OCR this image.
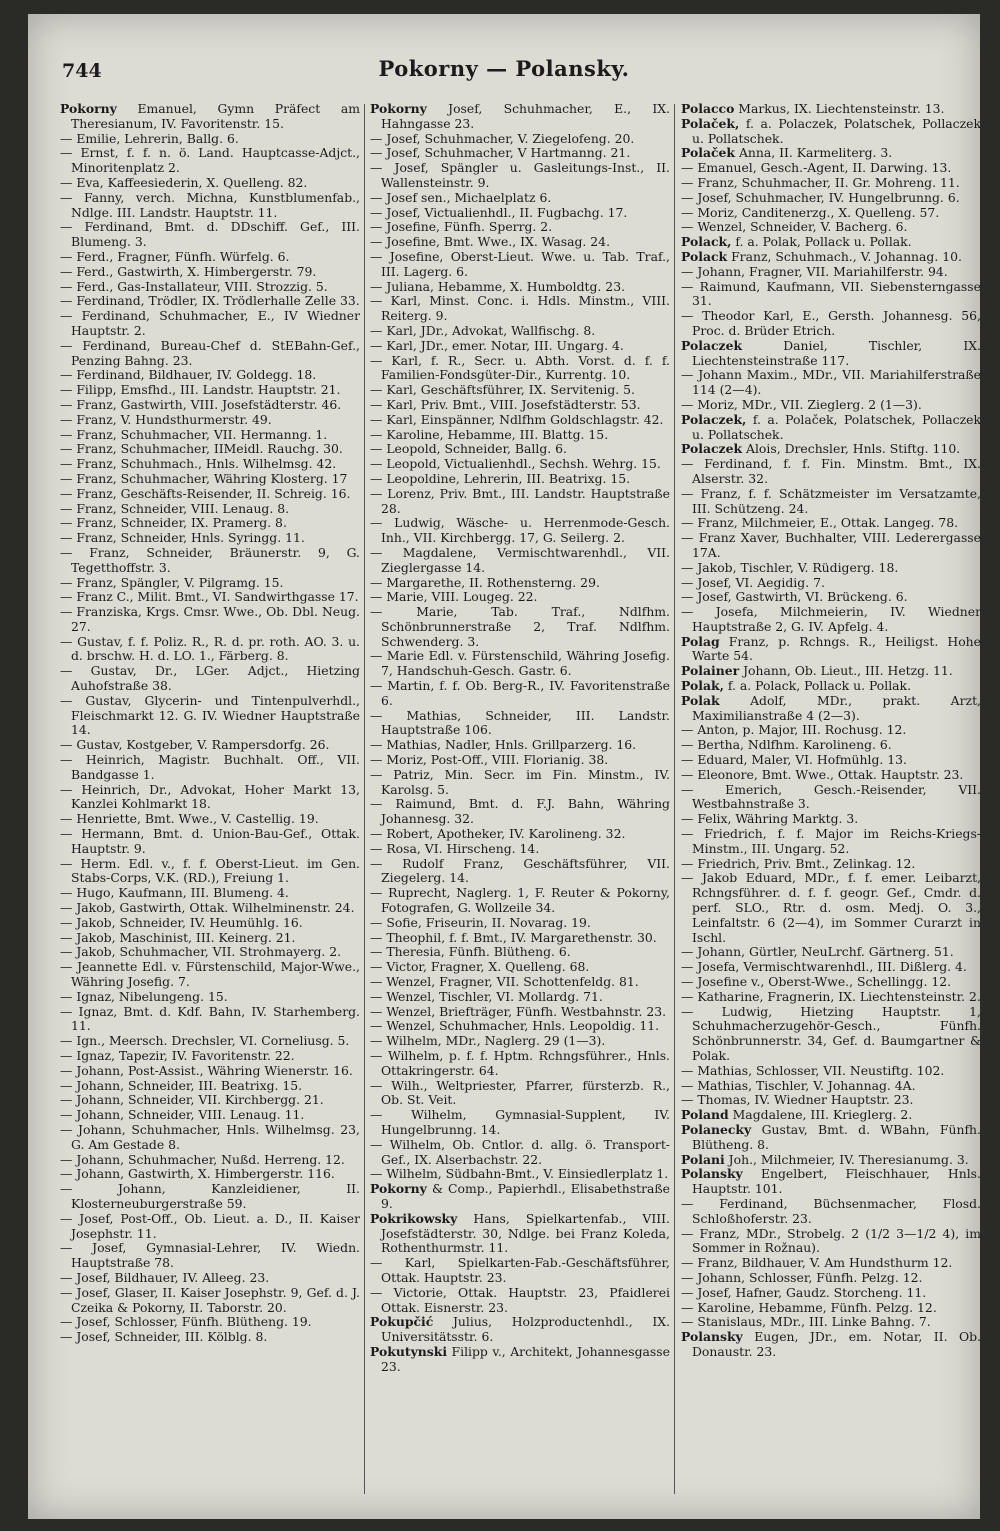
744	Pokorny — Polansky.
Pokorny Emanuel, Gymn Präfect am Theresianum, IV. Favoritenstr. 15.
— Emilie, Lehrerin, Ballg. 6.
— Ernst, f. f. n. ö. Land. Hauptcasse-Adjct., Minoritenplatz 2.
— Eva, Kaffeesiederin, X. Quelleng. 82.
— Fanny, verch. Michna, Kunstblumenfab., Ndlge. III. Landstr. Hauptstr. 11.
— Ferdinand, Bmt. d. DDschiff. Gef., III. Blumeng. 3.
— Ferd., Fragner, Fünfh. Würfelg. 6.
— Ferd., Gastwirth, X. Himbergerstr. 79.
— Ferd., Gas-Installateur, VIII. Strozzig. 5.
— Ferdinand, Trödler, IX. Trödlerhalle Zelle 33.
— Ferdinand, Schuhmacher, E., IV Wiedner Hauptstr. 2.
— Ferdinand, Bureau-Chef d. StEBahn-Gef., Penzing Bahng. 23.
— Ferdinand, Bildhauer, IV. Goldegg. 18.
— Filipp, Emsfhd., III. Landstr. Hauptstr. 21.
— Franz, Gastwirth, VIII. Josefstädterstr. 46.
— Franz, V. Hundsthurmerstr. 49.
— Franz, Schuhmacher, VII. Hermanng. 1.
— Franz, Schuhmacher, IIMeidl. Rauchg. 30.
— Franz, Schuhmach., Hnls. Wilhelmsg. 42.
— Franz, Schuhmacher, Währing Klosterg. 17
— Franz, Geschäfts-Reisender, II. Schreig. 16.
— Franz, Schneider, VIII. Lenaug. 8.
— Franz, Schneider, IX. Pramerg. 8.
— Franz, Schneider, Hnls. Syringg. 11.
— Franz, Schneider, Bräunerstr. 9, G. Tegetthoffstr. 3.
— Franz, Spängler, V. Pilgramg. 15.
— Franz C., Milit. Bmt., VI. Sandwirthgasse 17.
— Franziska, Krgs. Cmsr. Wwe., Ob. Dbl. Neug. 27.
— Gustav, f. f. Poliz. R., R. d. pr. roth. AO. 3. u. d. brschw. H. d. LO. 1., Färberg. 8.
— Gustav, Dr., LGer. Adjct., Hietzing Auhofstraße 38.
— Gustav, Glycerin- und Tintenpulverhdl., Fleischmarkt 12. G. IV. Wiedner Hauptstraße 14.
— Gustav, Kostgeber, V. Rampersdorfg. 26.
— Heinrich, Magistr. Buchhalt. Off., VII. Bandgasse 1.
— Heinrich, Dr., Advokat, Hoher Markt 13, Kanzlei Kohlmarkt 18.
— Henriette, Bmt. Wwe., V. Castellig. 19.
— Hermann, Bmt. d. Union-Bau-Gef., Ottak. Hauptstr. 9.
— Herm. Edl. v., f. f. Oberst-Lieut. im Gen. Stabs-Corps, V.K. (RD.), Freiung 1.
— Hugo, Kaufmann, III. Blumeng. 4.
— Jakob, Gastwirth, Ottak. Wilhelminenstr. 24.
— Jakob, Schneider, IV. Heumühlg. 16.
— Jakob, Maschinist, III. Keinerg. 21.
— Jakob, Schuhmacher, VII. Strohmayerg. 2.
— Jeannette Edl. v. Fürstenschild, Major-Wwe., Währing Josefig. 7.
— Ignaz, Nibelungeng. 15.
— Ignaz, Bmt. d. Kdf. Bahn, IV. Starhemberg. 11.
— Ign., Meersch. Drechsler, VI. Corneliusg. 5.
— Ignaz, Tapezir, IV. Favoritenstr. 22.
— Johann, Post-Assist., Währing Wienerstr. 16.
— Johann, Schneider, III. Beatrixg. 15.
— Johann, Schneider, VII. Kirchbergg. 21.
— Johann, Schneider, VIII. Lenaug. 11.
— Johann, Schuhmacher, Hnls. Wilhelmsg. 23, G. Am Gestade 8.
— Johann, Schuhmacher, Nußd. Herreng. 12.
— Johann, Gastwirth, X. Himbergerstr. 116.
— Johann, Kanzleidiener, II. Klosterneuburgerstraße 59.
— Josef, Post-Off., Ob. Lieut. a. D., II. Kaiser Josephstr. 11.
— Josef, Gymnasial-Lehrer, IV. Wiedn. Hauptstraße 78.
— Josef, Bildhauer, IV. Alleeg. 23.
— Josef, Glaser, II. Kaiser Josephstr. 9, Gef. d. J. Czeika & Pokorny, II. Taborstr. 20.
— Josef, Schlosser, Fünfh. Blütheng. 19.
— Josef, Schneider, III. Kölblg. 8.
Pokorny Josef, Schuhmacher, E., IX. Hahngasse 23.
— Josef, Schuhmacher, V. Ziegelofeng. 20.
— Josef, Schuhmacher, V Hartmanng. 21.
— Josef, Spängler u. Gasleitungs-Inst., II. Wallensteinstr. 9.
— Josef sen., Michaelplatz 6.
— Josef, Victualienhdl., II. Fugbachg. 17.
— Josefine, Fünfh. Sperrg. 2.
— Josefine, Bmt. Wwe., IX. Wasag. 24.
— Josefine, Oberst-Lieut. Wwe. u. Tab. Traf., III. Lagerg. 6.
— Juliana, Hebamme, X. Humboldtg. 23.
— Karl, Minst. Conc. i. Hdls. Minstm., VIII. Reiterg. 9.
— Karl, JDr., Advokat, Wallfischg. 8.
— Karl, JDr., emer. Notar, III. Ungarg. 4.
— Karl, f. R., Secr. u. Abth. Vorst. d. f. f. Familien-Fondsgüter-Dir., Kurrentg. 10.
— Karl, Geschäftsführer, IX. Servitenig. 5.
— Karl, Priv. Bmt., VIII. Josefstädterstr. 53.
— Karl, Einspänner, Ndlfhm Goldschlagstr. 42.
— Karoline, Hebamme, III. Blattg. 15.
— Leopold, Schneider, Ballg. 6.
— Leopold, Victualienhdl., Sechsh. Wehrg. 15.
— Leopoldine, Lehrerin, III. Beatrixg. 15.
— Lorenz, Priv. Bmt., III. Landstr. Hauptstraße 28.
— Ludwig, Wäsche- u. Herrenmode-Gesch. Inh., VII. Kirchbergg. 17, G. Seilerg. 2.
— Magdalene, Vermischtwarenhdl., VII. Zieglergasse 14.
— Margarethe, II. Rothensterng. 29.
— Marie, VIII. Lougeg. 22.
— Marie, Tab. Traf., Ndlfhm. Schönbrunnerstraße 2, Traf. Ndlfhm. Schwenderg. 3.
— Marie Edl. v. Fürstenschild, Währing Josefig. 7, Handschuh-Gesch. Gastr. 6.
— Martin, f. f. Ob. Berg-R., IV. Favoritenstraße 6.
— Mathias, Schneider, III. Landstr. Hauptstraße 106.
— Mathias, Nadler, Hnls. Grillparzerg. 16.
— Moriz, Post-Off., VIII. Florianig. 38.
— Patriz, Min. Secr. im Fin. Minstm., IV. Karolsg. 5.
— Raimund, Bmt. d. F.J. Bahn, Währing Johannesg. 32.
— Robert, Apotheker, IV. Karolineng. 32.
— Rosa, VI. Hirscheng. 14.
— Rudolf Franz, Geschäftsführer, VII. Ziegelerg. 14.
— Ruprecht, Naglerg. 1, F. Reuter & Pokorny, Fotografen, G. Wollzeile 34.
— Sofie, Friseurin, II. Novarag. 19.
— Theophil, f. f. Bmt., IV. Margarethenstr. 30.
— Theresia, Fünfh. Blütheng. 6.
— Victor, Fragner, X. Quelleng. 68.
— Wenzel, Fragner, VII. Schottenfeldg. 81.
— Wenzel, Tischler, VI. Mollardg. 71.
— Wenzel, Briefträger, Fünfh. Westbahnstr. 23.
— Wenzel, Schuhmacher, Hnls. Leopoldig. 11.
— Wilhelm, MDr., Naglerg. 29 (1—3).
— Wilhelm, p. f. f. Hptm. Rchngsführer., Hnls. Ottakringerstr. 64.
— Wilh., Weltpriester, Pfarrer, fürsterzb. R., Ob. St. Veit.
— Wilhelm, Gymnasial-Supplent, IV. Hungelbrunng. 14.
— Wilhelm, Ob. Cntlor. d. allg. ö. Transport-Gef., IX. Alserbachstr. 22.
— Wilhelm, Südbahn-Bmt., V. Einsiedlerplatz 1.
Pokorny & Comp., Papierhdl., Elisabethstraße 9.
Pokrikowsky Hans, Spielkartenfab., VIII. Josefstädterstr. 30, Ndlge. bei Franz Koleda, Rothenthurmstr. 11.
— Karl, Spielkarten-Fab.-Geschäftsführer, Ottak. Hauptstr. 23.
— Victorie, Ottak. Hauptstr. 23, Pfaidlerei Ottak. Eisnerstr. 23.
Pokupčić Julius, Holzproductenhdl., IX. Universitätsstr. 6.
Pokutynski Filipp v., Architekt, Johannesgasse 23.
Polacco Markus, IX. Liechtensteinstr. 13.
Polaček, f. a. Polaczek, Polatschek, Pollaczek u. Pollatschek.
Polaček Anna, II. Karmeliterg. 3.
— Emanuel, Gesch.-Agent, II. Darwing. 13.
— Franz, Schuhmacher, II. Gr. Mohreng. 11.
— Josef, Schuhmacher, IV. Hungelbrunng. 6.
— Moriz, Canditenerzg., X. Quelleng. 57.
— Wenzel, Schneider, V. Bacherg. 6.
Polack, f. a. Polak, Pollack u. Pollak.
Polack Franz, Schuhmach., V. Johannag. 10.
— Johann, Fragner, VII. Mariahilferstr. 94.
— Raimund, Kaufmann, VII. Siebensterngasse 31.
— Theodor Karl, E., Gersth. Johannesg. 56, Proc. d. Brüder Etrich.
Polaczek	Daniel, Tischler, IX. Liechtensteinstraße 117.
— Johann Maxim., MDr., VII. Mariahilferstraße 114 (2—4).
— Moriz, MDr., VII. Zieglerg. 2 (1—3).
Polaczek, f. a. Polaček, Polatschek, Pollaczek u. Pollatschek.
Polaczek Alois, Drechsler, Hnls. Stiftg. 110.
— Ferdinand, f. f. Fin. Minstm. Bmt., IX. Alserstr. 32.
— Franz, f. f. Schätzmeister im Versatzamte, III. Schützeng. 24.
— Franz, Milchmeier, E., Ottak. Langeg. 78.
— Franz Xaver, Buchhalter, VIII. Lederergasse 17A.
— Jakob, Tischler, V. Rüdigerg. 18.
— Josef, VI. Aegidig. 7.
— Josef, Gastwirth, VI. Brückeng. 6.
— Josefa, Milchmeierin, IV. Wiedner Hauptstraße 2, G. IV. Apfelg. 4.
Polag Franz, p. Rchngs. R., Heiligst. Hohe Warte 54.
Polainer Johann, Ob. Lieut., III. Hetzg. 11.
Polak, f. a. Polack, Pollack u. Pollak.
Polak Adolf, MDr., prakt. Arzt, Maximilianstraße 4 (2—3).
— Anton, p. Major, III. Rochusg. 12.
— Bertha, Ndlfhm. Karolineng. 6.
— Eduard, Maler, VI. Hofmühlg. 13.
— Eleonore, Bmt. Wwe., Ottak. Hauptstr. 23.
— Emerich, Gesch.-Reisender, VII. Westbahnstraße 3.
— Felix, Währing Marktg. 3.
— Friedrich, f. f. Major im Reichs-Kriegs-Minstm., III. Ungarg. 52.
— Friedrich, Priv. Bmt., Zelinkag. 12.
— Jakob Eduard, MDr., f. f. emer. Leibarzt, Rchngsführer. d. f. f. geogr. Gef., Cmdr. d. perf. SLO., Rtr. d. osm. Medj. O. 3., Leinfaltstr. 6 (2—4), im Sommer Curarzt in Ischl.
— Johann, Gürtler, NeuLrchf. Gärtnerg. 51.
— Josefa, Vermischtwarenhdl., III. Dißlerg. 4.
— Josefine v., Oberst-Wwe., Schellingg. 12.
— Katharine, Fragnerin, IX. Liechtensteinstr. 2.
— Ludwig, Hietzing Hauptstr. 1, Schuhmacherzugehör-Gesch., Fünfh. Schönbrunnerstr. 34, Gef. d. Baumgartner & Polak.
— Mathias, Schlosser, VII. Neustiftg. 102.
— Mathias, Tischler, V. Johannag. 4A.
— Thomas, IV. Wiedner Hauptstr. 23.
Poland Magdalene, III. Krieglerg. 2.
Polanecky Gustav, Bmt. d. WBahn, Fünfh. Blütheng. 8.
Polani Joh., Milchmeier, IV. Theresianumg. 3.
Polansky Engelbert, Fleischhauer, Hnls. Hauptstr. 101.
— Ferdinand, Büchsenmacher, Flosd. Schloßhoferstr. 23.
— Franz, MDr., Strobelg. 2 (1/2 3—1/2 4), im Sommer in Rožnau).
— Franz, Bildhauer, V. Am Hundsthurm 12.
— Johann, Schlosser, Fünfh. Pelzg. 12.
— Josef, Hafner, Gaudz. Storcheng. 11.
— Karoline, Hebamme, Fünfh. Pelzg. 12.
— Stanislaus, MDr., III. Linke Bahng. 7.
Polansky Eugen, JDr., em. Notar, II. Ob. Donaustr. 23.
